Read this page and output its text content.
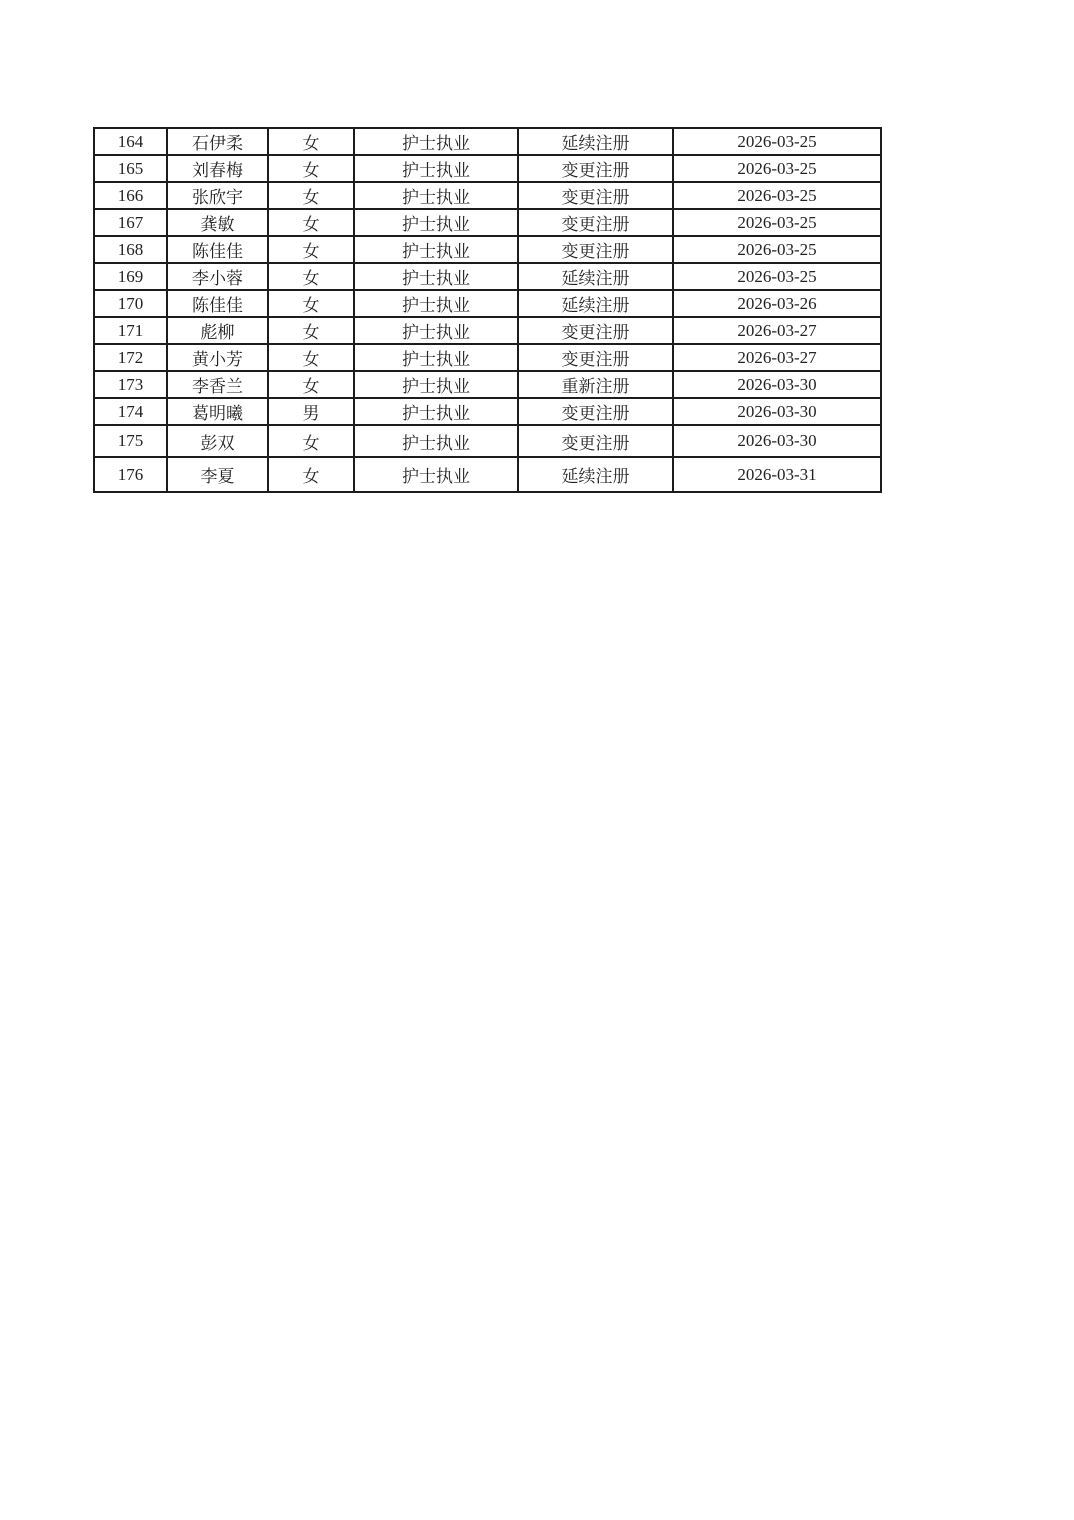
164	石伊柔	女	护士执业	延续注册	2026-03-25
165	刘春梅	女	护士执业	变更注册	2026-03-25
166	张欣宇	女	护士执业	变更注册	2026-03-25
167	龚敏	女	护士执业	变更注册	2026-03-25
168	陈佳佳	女	护士执业	变更注册	2026-03-25
169	李小蓉	女	护士执业	延续注册	2026-03-25
170	陈佳佳	女	护士执业	延续注册	2026-03-26
171	彪柳	女	护士执业	变更注册	2026-03-27
172	黄小芳	女	护士执业	变更注册	2026-03-27
173	李香兰	女	护士执业	重新注册	2026-03-30
174	葛明曦	男	护士执业	变更注册	2026-03-30
175	彭双	女	护士执业	变更注册	2026-03-30
176	李夏	女	护士执业	延续注册	2026-03-31
